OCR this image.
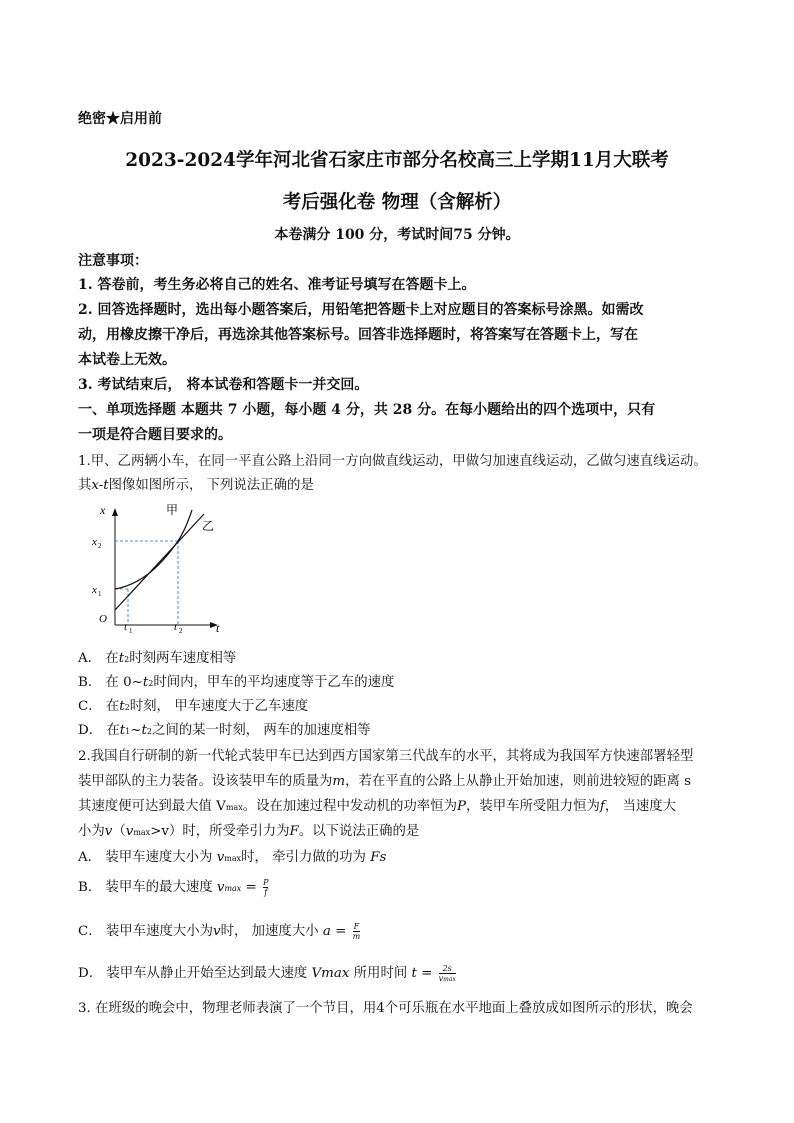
绝密★启用前
2023-2024学年河北省石家庄市部分名校高三上学期11月大联考
考后强化卷 物理（含解析）
本卷满分 100 分，考试时间75 分钟。
注意事项：
1. 答卷前，考生务必将自己的姓名、准考证号填写在答题卡上。
2. 回答选择题时，选出每小题答案后，用铅笔把答题卡上对应题目的答案标号涂黑。如需改
动，用橡皮擦干净后，再选涂其他答案标号。回答非选择题时，将答案写在答题卡上，写在
本试卷上无效。
3. 考试结束后， 将本试卷和答题卡一并交回。
一、单项选择题 本题共 7 小题，每小题 4 分，共 28 分。在每小题给出的四个选项中，只有
一项是符合题目要求的。
1.甲、乙两辆小车，在同一平直公路上沿同一方向做直线运动，甲做匀加速直线运动，乙做匀速直线运动。
其x-t图像如图所示， 下列说法正确的是
x
t
O
甲
乙
x 2
x 1
t 1	t 2
A． 在t2时刻两车速度相等
B． 在 0~t2时间内，甲车的平均速度等于乙车的速度
C． 在t2时刻， 甲车速度大于乙车速度
D． 在t1~t2之间的某一时刻， 两车的加速度相等
2.我国自行研制的新一代轮式装甲车已达到西方国家第三代战车的水平，其将成为我国军方快速部署轻型
装甲部队的主力装备。设该装甲车的质量为m，若在平直的公路上从静止开始加速，则前进较短的距离 s
其速度便可达到最大值 Vmax。设在加速过程中发动机的功率恒为P，装甲车所受阻力恒为f， 当速度大
小为v（vmax>v）时，所受牵引力为F。以下说法正确的是
A． 装甲车速度大小为 vmax时， 牵引力做的功为 Fs
B． 装甲车的最大速度 $vmax = \frac{P}{f}$
C． 装甲车速度大小为v时， 加速度大小 $a = \frac{F}{m}$
D． 装甲车从静止开始至达到最大速度 Vmax 所用时间 $t = \frac{2s}{vmax}$
3. 在班级的晚会中，物理老师表演了一个节目，用4个可乐瓶在水平地面上叠放成如图所示的形状，晚会
